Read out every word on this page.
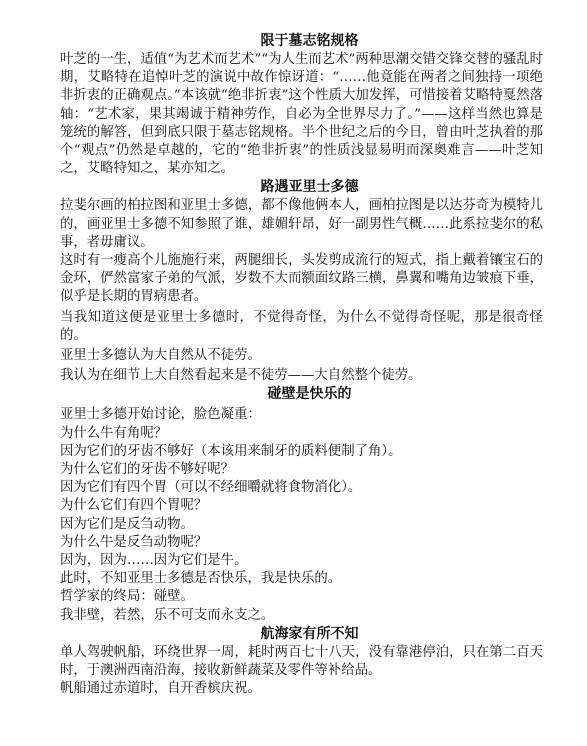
限于墓志铭规格

叶芝的一生，适值“为艺术而艺术”“为人生而艺术”两种思潮交错交锋交替的骚乱时期，艾略特在追悼叶芝的演说中故作惊讶道：“……他竟能在两者之间独持一项绝非折衷的正确观点。”本该就“绝非折衷”这个性质大加发挥，可惜接着艾略特戛然落轴：“艺术家，果其竭诚于精神劳作，自必为全世界尽力了。”——这样当然也算是笼统的解答，但到底只限于墓志铭规格。半个世纪之后的今日，曾由叶芝执着的那个“观点”仍然是卓越的，它的“绝非折衷”的性质浅显易明而深奥难言——叶芝知之，艾略特知之，某亦知之。

路遇亚里士多德

拉斐尔画的柏拉图和亚里士多德，都不像他俩本人，画柏拉图是以达芬奇为模特儿的，画亚里士多德不知参照了谁，雄媚轩昂，好一副男性气概……此系拉斐尔的私事，者毋庸议。

这时有一瘦高个儿施施行来，两腿细长，头发剪成流行的短式，指上戴着镶宝石的金环，俨然富家子弟的气派，岁数不大而额面纹路三横，鼻翼和嘴角边皱痕下垂，似乎是长期的胃病患者。

当我知道这便是亚里士多德时，不觉得奇怪，为什么不觉得奇怪呢，那是很奇怪的。

亚里士多德认为大自然从不徒劳。

我认为在细节上大自然看起来是不徒劳——大自然整个徒劳。

碰壁是快乐的

亚里士多德开始讨论，脸色凝重：

为什么牛有角呢？

因为它们的牙齿不够好（本该用来制牙的质料便制了角）。

为什么它们的牙齿不够好呢？

因为它们有四个胃（可以不经细嚼就将食物消化）。

为什么它们有四个胃呢？

因为它们是反刍动物。

为什么牛是反刍动物呢？

因为，因为……因为它们是牛。

此时，不知亚里士多德是否快乐，我是快乐的。

哲学家的终局：碰壁。

我非壁，若然，乐不可支而永支之。

航海家有所不知

单人驾驶帆船，环绕世界一周，耗时两百七十八天，没有靠港停泊，只在第二百天时，于澳洲西南沿海，接收新鲜蔬菜及零件等补给品。

帆船通过赤道时，自开香槟庆祝。
